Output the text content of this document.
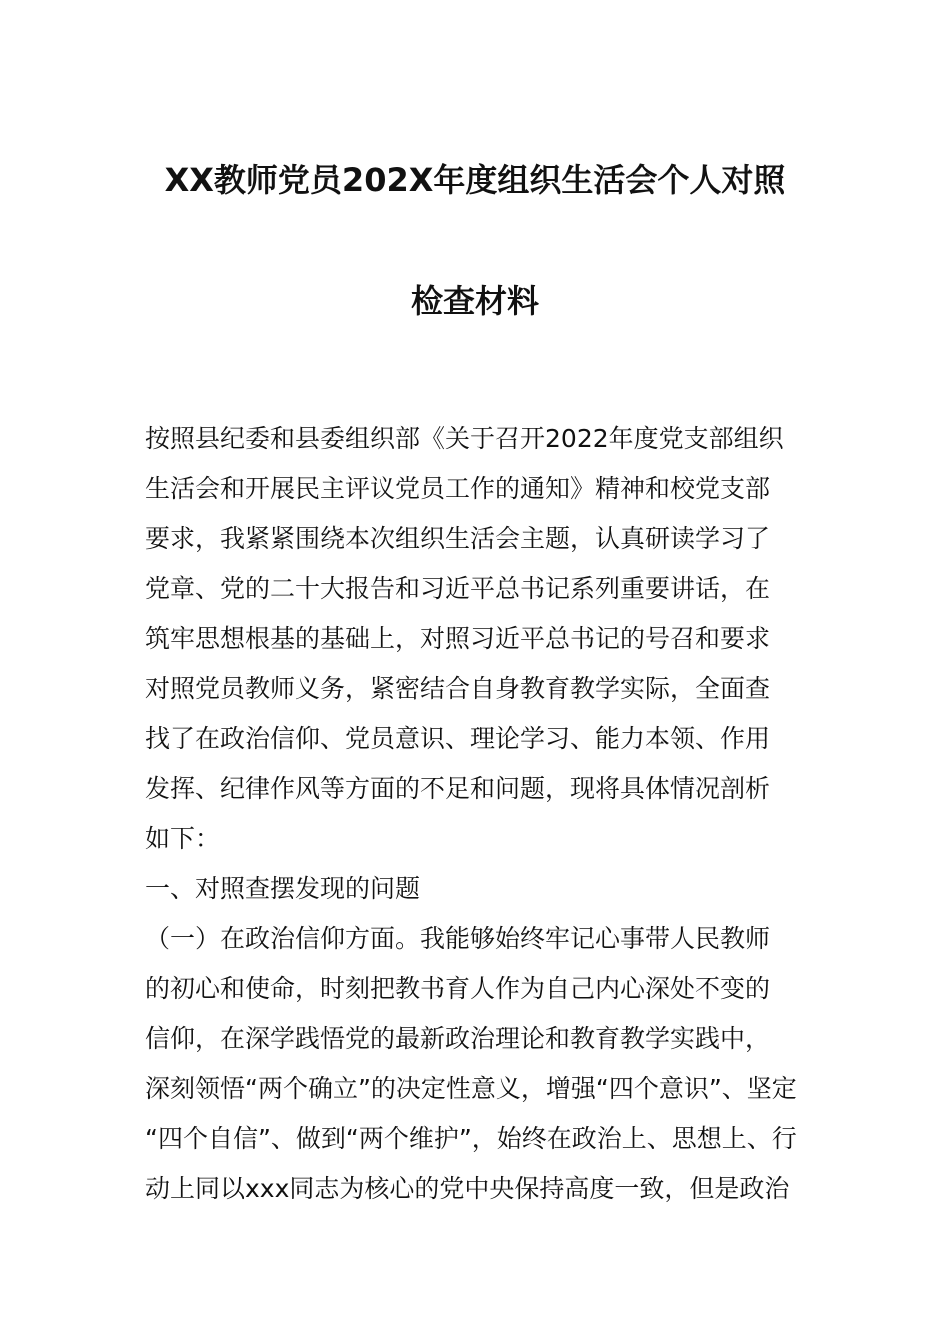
XX教师党员202X年度组织生活会个人对照
检查材料
按照县纪委和县委组织部《关于召开2022年度党支部组织
生活会和开展民主评议党员工作的通知》精神和校党支部
要求，我紧紧围绕本次组织生活会主题，认真研读学习了
党章、党的二十大报告和习近平总书记系列重要讲话，在
筑牢思想根基的基础上，对照习近平总书记的号召和要求
对照党员教师义务，紧密结合自身教育教学实际，全面查
找了在政治信仰、党员意识、理论学习、能力本领、作用
发挥、纪律作风等方面的不足和问题，现将具体情况剖析
如下：
一、对照查摆发现的问题
（一）在政治信仰方面。我能够始终牢记心事带人民教师
的初心和使命，时刻把教书育人作为自己内心深处不变的
信仰，在深学践悟党的最新政治理论和教育教学实践中，
深刻领悟“两个确立”的决定性意义，增强“四个意识”、坚定
“四个自信”、做到“两个维护”，始终在政治上、思想上、行
动上同以xxx同志为核心的党中央保持高度一致，但是政治
